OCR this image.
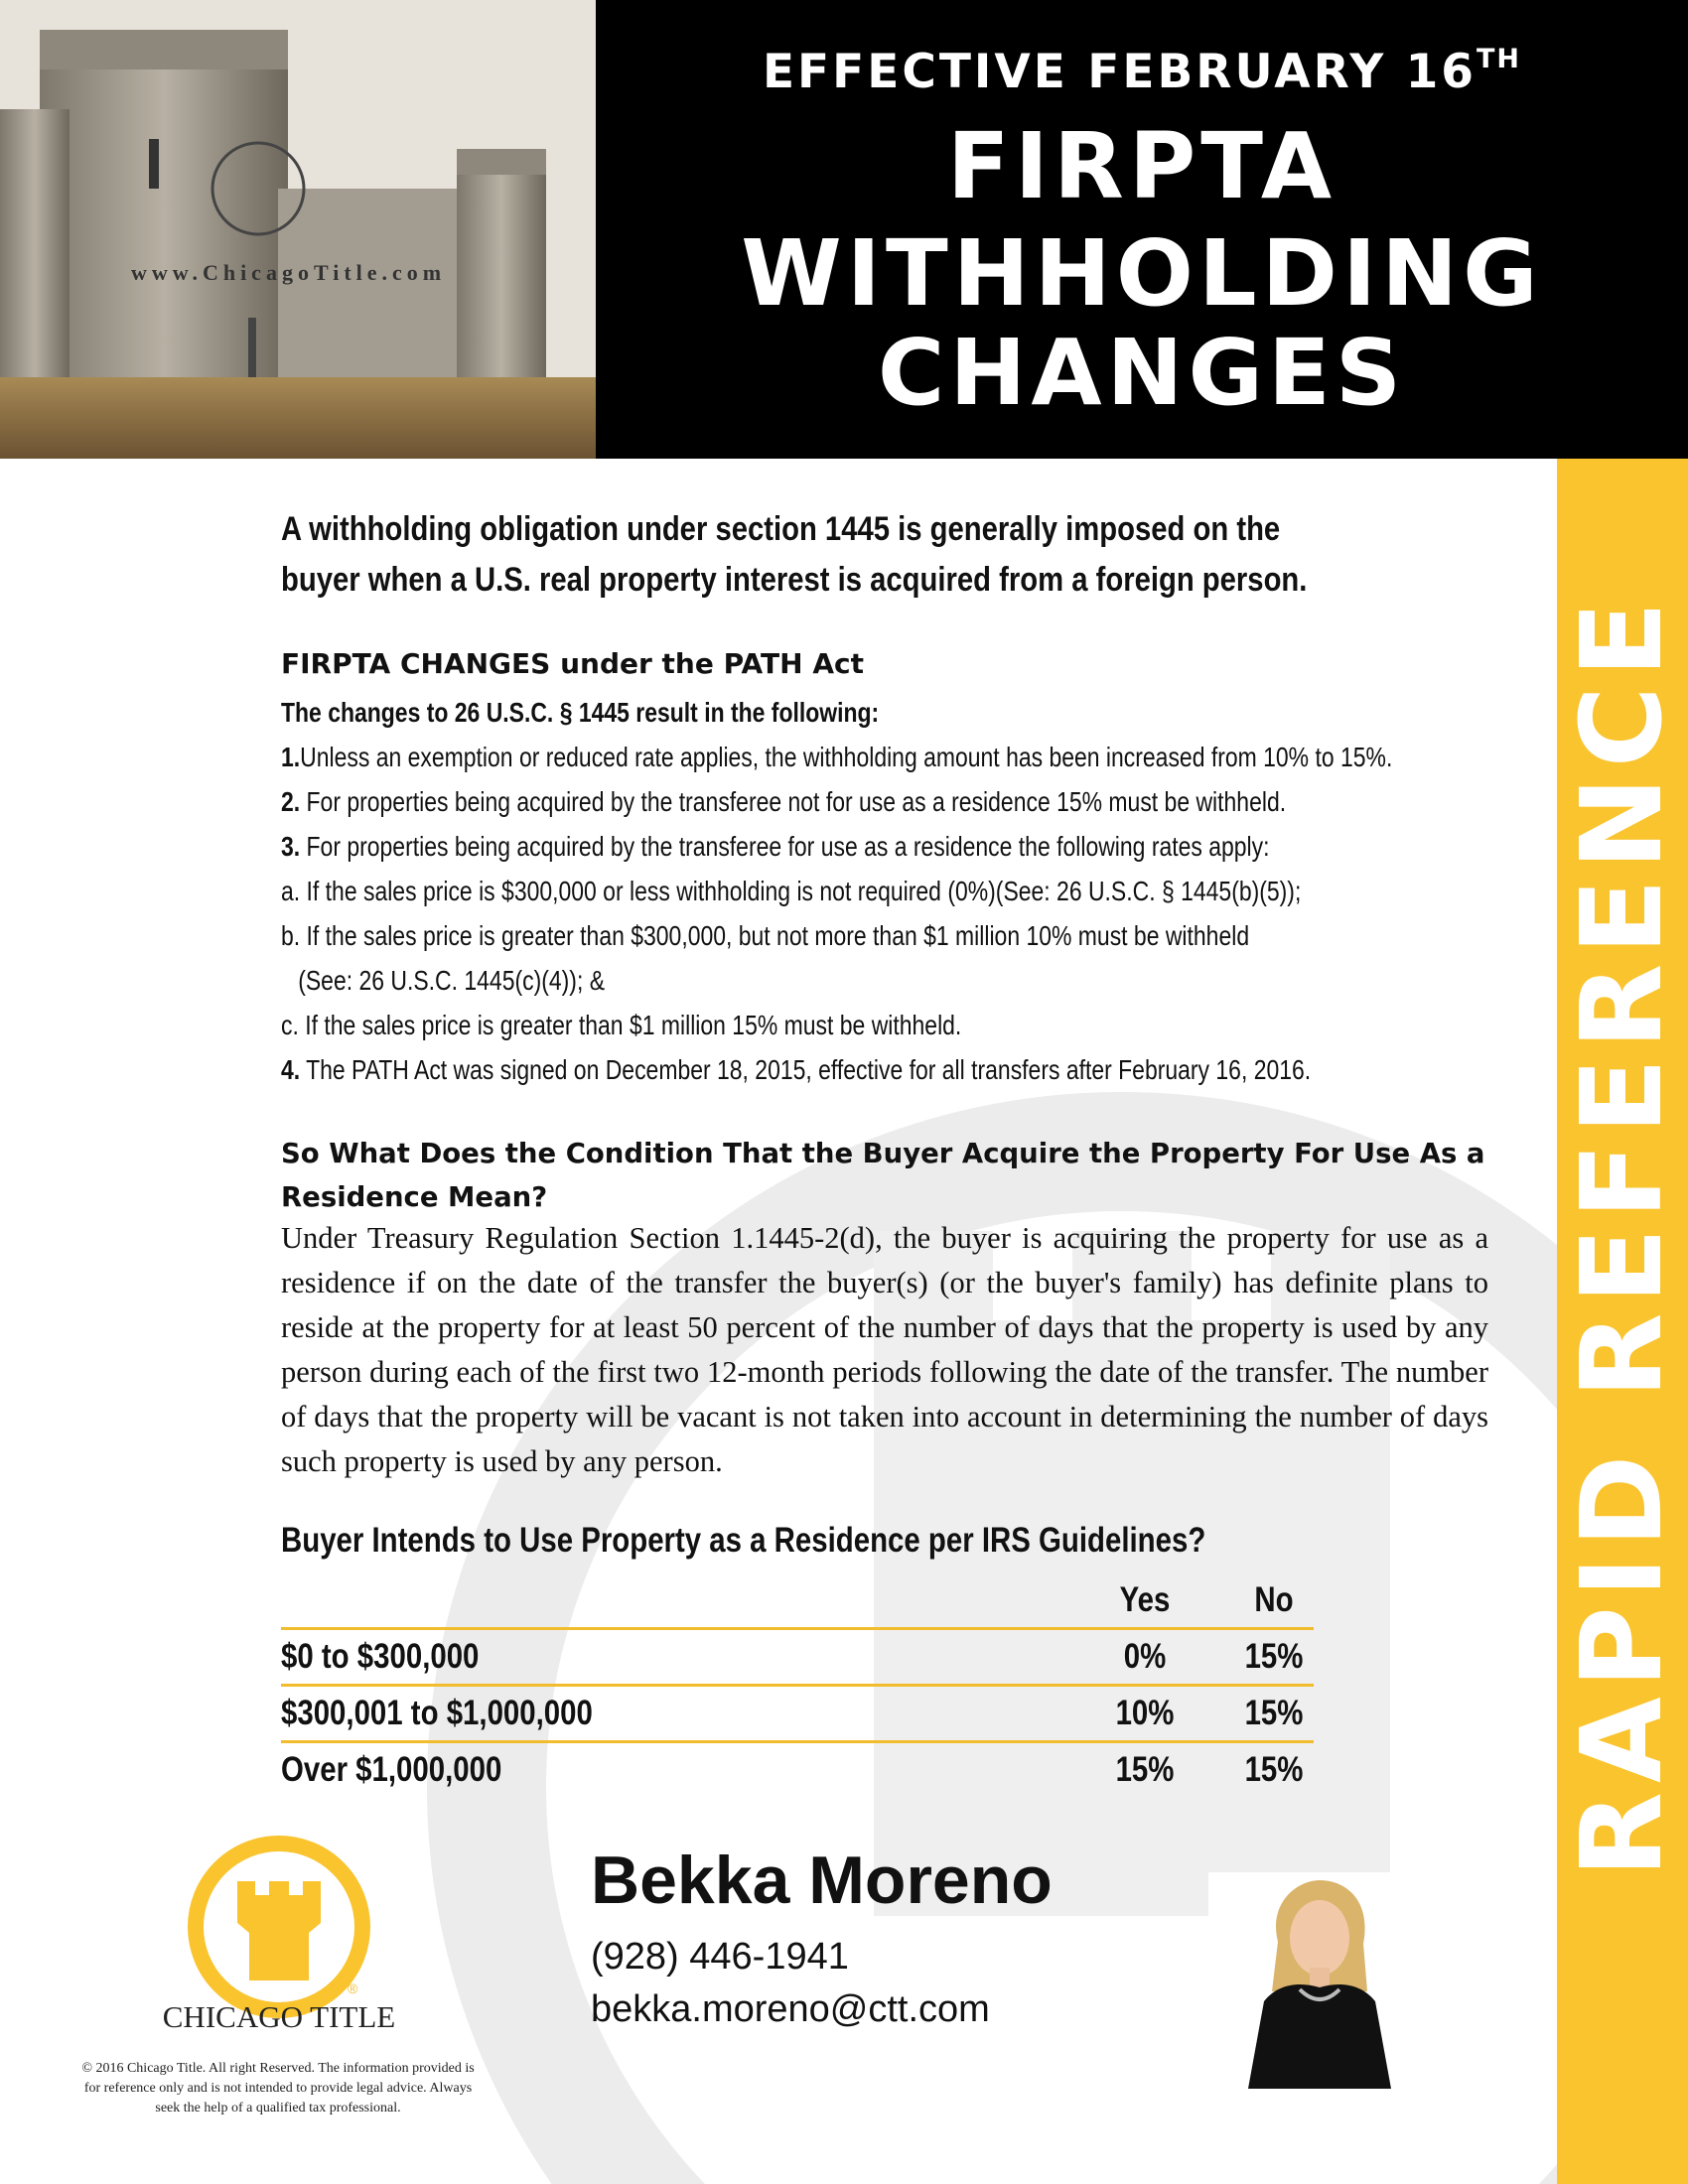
www.ChicagoTitle.com
EFFECTIVE FEBRUARY 16TH
FIRPTA
WITHHOLDING
CHANGES
RAPID REFERENCE
A withholding obligation under section 1445 is generally imposed on the buyer when a U.S. real property interest is acquired from a foreign person.
FIRPTA CHANGES under the PATH Act
The changes to 26 U.S.C. § 1445 result in the following:
1.Unless an exemption or reduced rate applies, the withholding amount has been increased from 10% to 15%.
2. For properties being acquired by the transferee not for use as a residence 15% must be withheld.
3. For properties being acquired by the transferee for use as a residence the following rates apply:
a. If the sales price is $300,000 or less withholding is not required (0%)(See: 26 U.S.C. § 1445(b)(5));
b. If the sales price is greater than $300,000, but not more than $1 million 10% must be withheld
(See: 26 U.S.C. 1445(c)(4)); &
c. If the sales price is greater than $1 million 15% must be withheld.
4. The PATH Act was signed on December 18, 2015, effective for all transfers after February 16, 2016.
So What Does the Condition That the Buyer Acquire the Property For Use As a Residence Mean?
Under Treasury Regulation Section 1.1445-2(d), the buyer is acquiring the property for use as a residence if on the date of the transfer the buyer(s) (or the buyer's family) has definite plans to reside at the property for at least 50 percent of the number of days that the property is used by any person during each of the first two 12-month periods following the date of the transfer. The number of days that the property will be vacant is not taken into account in determining the number of days such property is used by any person.
Buyer Intends to Use Property as a Residence per IRS Guidelines?
Yes	No
$0 to $300,000	0%	15%
$300,001 to $1,000,000	10%	15%
Over $1,000,000	15%	15%
®
CHICAGO TITLE
© 2016 Chicago Title. All right Reserved. The information provided is for reference only and is not intended to provide legal advice. Always seek the help of a qualified tax professional.
Bekka Moreno
(928) 446-1941
bekka.moreno@ctt.com
